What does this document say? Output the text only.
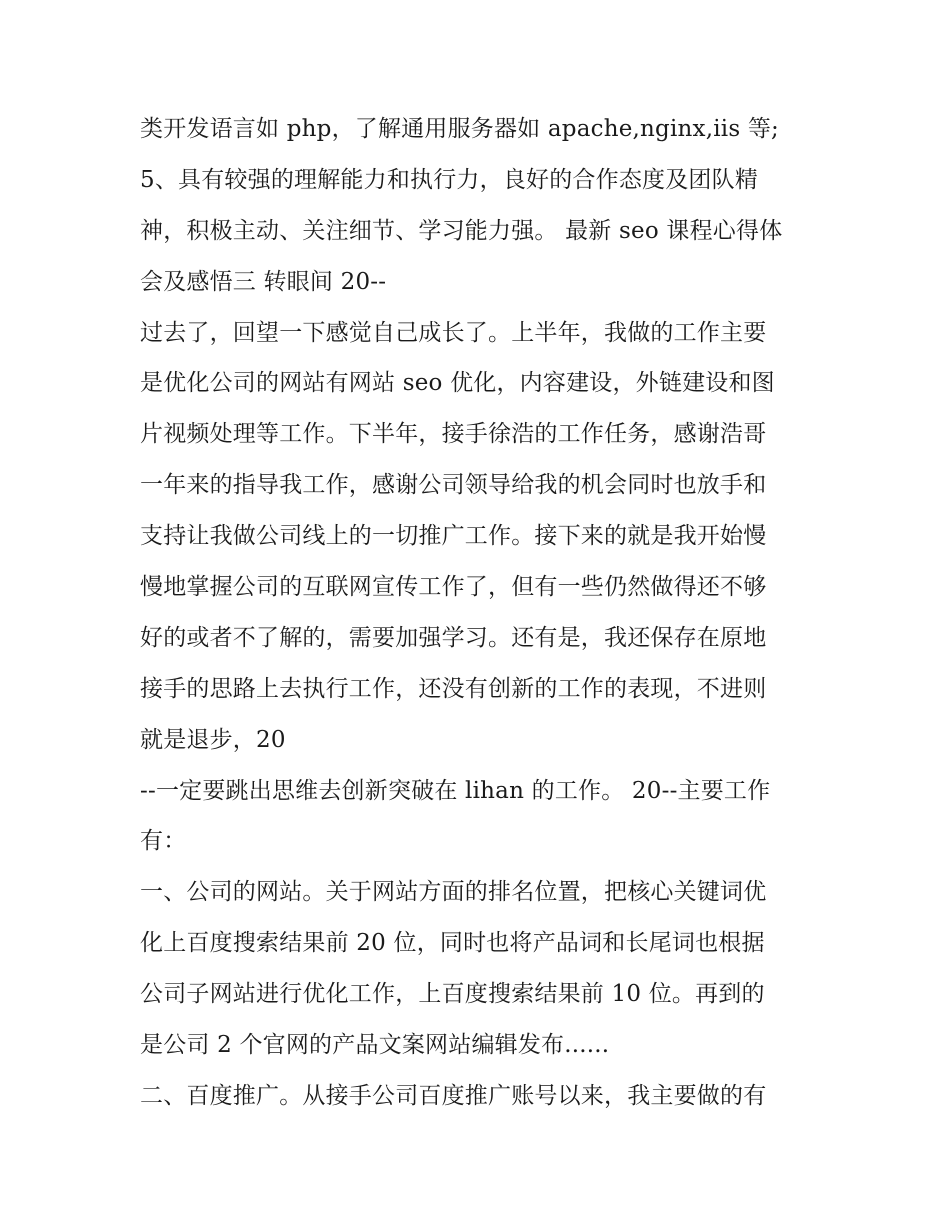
类开发语言如 php，了解通用服务器如 apache,nginx,iis 等;
5、具有较强的理解能力和执行力，良好的合作态度及团队精
神，积极主动、关注细节、学习能力强。 最新 seo 课程心得体
会及感悟三 转眼间 20--
过去了，回望一下感觉自己成长了。上半年，我做的工作主要
是优化公司的网站有网站 seo 优化，内容建设，外链建设和图
片视频处理等工作。下半年，接手徐浩的工作任务，感谢浩哥
一年来的指导我工作，感谢公司领导给我的机会同时也放手和
支持让我做公司线上的一切推广工作。接下来的就是我开始慢
慢地掌握公司的互联网宣传工作了，但有一些仍然做得还不够
好的或者不了解的，需要加强学习。还有是，我还保存在原地
接手的思路上去执行工作，还没有创新的工作的表现，不进则
就是退步，20
--一定要跳出思维去创新突破在 lihan 的工作。 20--主要工作
有：
一、公司的网站。关于网站方面的排名位置，把核心关键词优
化上百度搜索结果前 20 位，同时也将产品词和长尾词也根据
公司子网站进行优化工作，上百度搜索结果前 10 位。再到的
是公司 2 个官网的产品文案网站编辑发布......
二、百度推广。从接手公司百度推广账号以来，我主要做的有
